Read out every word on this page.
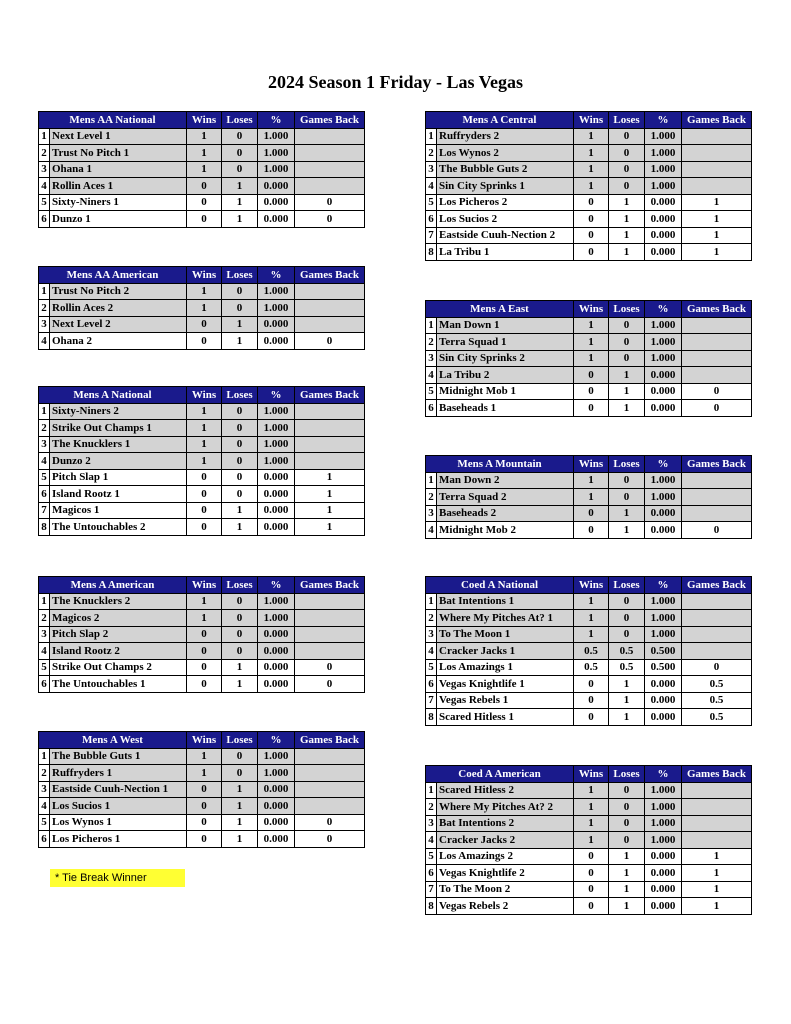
2024 Season 1 Friday - Las Vegas
Mens AA National		Wins	Loses	%	Games Back
1	Next Level 1	1	0	1.000	
2	Trust No Pitch 1	1	0	1.000	
3	Ohana 1	1	0	1.000	
4	Rollin Aces 1	0	1	0.000	
5	Sixty-Niners 1	0	1	0.000	0
6	Dunzo 1	0	1	0.000	0
Mens AA American		Wins	Loses	%	Games Back
1	Trust No Pitch 2	1	0	1.000	
2	Rollin Aces 2	1	0	1.000	
3	Next Level 2	0	1	0.000	
4	Ohana 2	0	1	0.000	0
Mens A National		Wins	Loses	%	Games Back
1	Sixty-Niners 2	1	0	1.000	
2	Strike Out Champs 1	1	0	1.000	
3	The Knucklers 1	1	0	1.000	
4	Dunzo 2	1	0	1.000	
5	Pitch Slap 1	0	0	0.000	1
6	Island Rootz 1	0	0	0.000	1
7	Magicos 1	0	1	0.000	1
8	The Untouchables 2	0	1	0.000	1
Mens A American		Wins	Loses	%	Games Back
1	The Knucklers 2	1	0	1.000	
2	Magicos 2	1	0	1.000	
3	Pitch Slap 2	0	0	0.000	
4	Island Rootz 2	0	0	0.000	
5	Strike Out Champs 2	0	1	0.000	0
6	The Untouchables 1	0	1	0.000	0
Mens A West		Wins	Loses	%	Games Back
1	The Bubble Guts 1	1	0	1.000	
2	Ruffryders 1	1	0	1.000	
3	Eastside Cuuh-Nection 1	0	1	0.000	
4	Los Sucios 1	0	1	0.000	
5	Los Wynos 1	0	1	0.000	0
6	Los Picheros 1	0	1	0.000	0
Mens A Central		Wins	Loses	%	Games Back
1	Ruffryders 2	1	0	1.000	
2	Los Wynos 2	1	0	1.000	
3	The Bubble Guts 2	1	0	1.000	
4	Sin City Sprinks 1	1	0	1.000	
5	Los Picheros 2	0	1	0.000	1
6	Los Sucios 2	0	1	0.000	1
7	Eastside Cuuh-Nection 2	0	1	0.000	1
8	La Tribu 1	0	1	0.000	1
Mens A East		Wins	Loses	%	Games Back
1	Man Down 1	1	0	1.000	
2	Terra Squad 1	1	0	1.000	
3	Sin City Sprinks 2	1	0	1.000	
4	La Tribu 2	0	1	0.000	
5	Midnight Mob 1	0	1	0.000	0
6	Baseheads 1	0	1	0.000	0
Mens A Mountain		Wins	Loses	%	Games Back
1	Man Down 2	1	0	1.000	
2	Terra Squad 2	1	0	1.000	
3	Baseheads 2	0	1	0.000	
4	Midnight Mob 2	0	1	0.000	0
Coed A National		Wins	Loses	%	Games Back
1	Bat Intentions 1	1	0	1.000	
2	Where My Pitches At? 1	1	0	1.000	
3	To The Moon 1	1	0	1.000	
4	Cracker Jacks 1	0.5	0.5	0.500	
5	Los Amazings 1	0.5	0.5	0.500	0
6	Vegas Knightlife 1	0	1	0.000	0.5
7	Vegas Rebels 1	0	1	0.000	0.5
8	Scared Hitless 1	0	1	0.000	0.5
Coed A American		Wins	Loses	%	Games Back
1	Scared Hitless 2	1	0	1.000	
2	Where My Pitches At? 2	1	0	1.000	
3	Bat Intentions 2	1	0	1.000	
4	Cracker Jacks 2	1	0	1.000	
5	Los Amazings 2	0	1	0.000	1
6	Vegas Knightlife 2	0	1	0.000	1
7	To The Moon 2	0	1	0.000	1
8	Vegas Rebels 2	0	1	0.000	1
* Tie Break Winner
